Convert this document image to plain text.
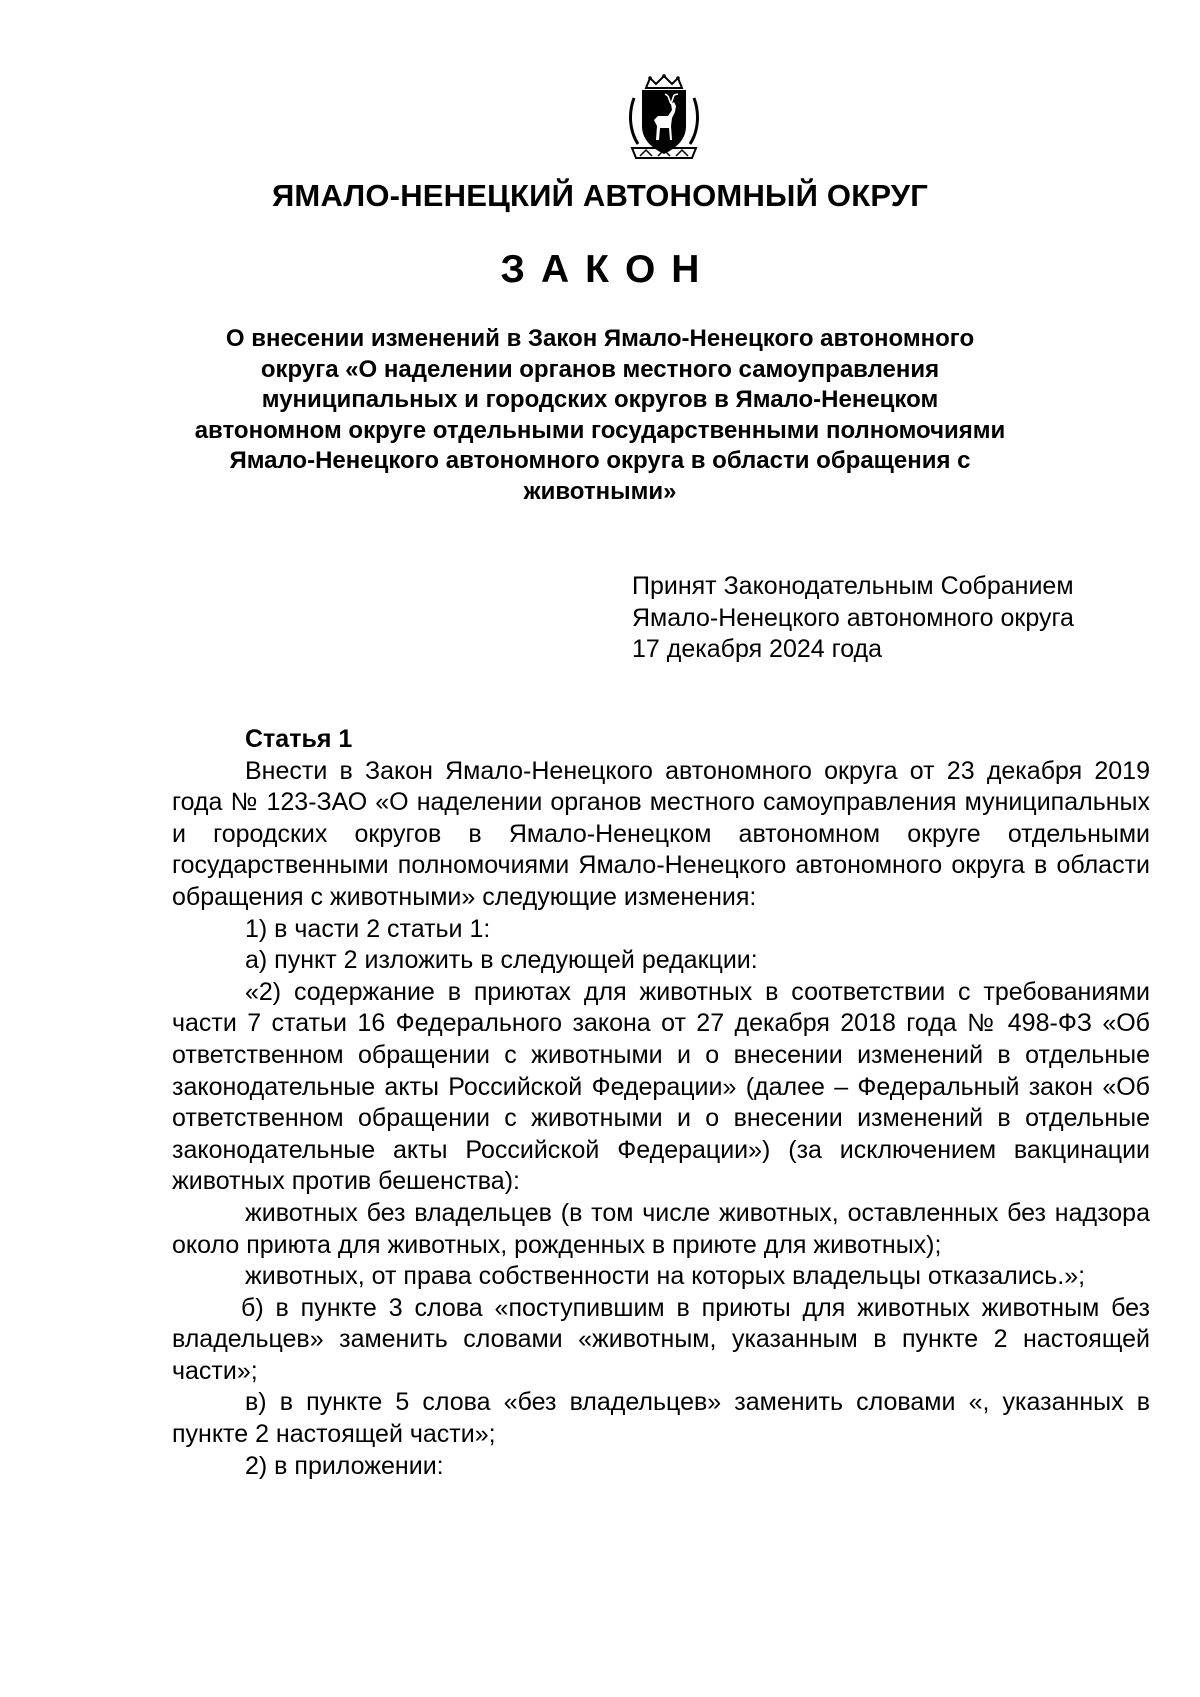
ЯМАЛО-НЕНЕЦКИЙ АВТОНОМНЫЙ ОКРУГ
ЗАКОН
О внесении изменений в Закон Ямало-Ненецкого автономного
округа «О наделении органов местного самоуправления
муниципальных и городских округов в Ямало-Ненецком
автономном округе отдельными государственными полномочиями
Ямало-Ненецкого автономного округа в области обращения с
животными»
Принят Законодательным Собранием
Ямало-Ненецкого автономного округа
17 декабря 2024 года

Статья 1

Внести в Закон Ямало-Ненецкого автономного округа от 23 декабря 2019 года № 123-ЗАО «О наделении органов местного самоуправления муниципальных и городских округов в Ямало-Ненецком автономном округе отдельными государственными полномочиями Ямало-Ненецкого автономного округа в области обращения с животными» следующие изменения:

1) в части 2 статьи 1:

а) пункт 2 изложить в следующей редакции:

«2) содержание в приютах для животных в соответствии с требованиями части 7 статьи 16 Федерального закона от 27 декабря 2018 года № 498-ФЗ «Об ответственном обращении с животными и о внесении изменений в отдельные законодательные акты Российской Федерации» (далее – Федеральный закон «Об ответственном обращении с животными и о внесении изменений в отдельные законодательные акты Российской Федерации») (за исключением вакцинации животных против бешенства):

животных без владельцев (в том числе животных, оставленных без надзора около приюта для животных, рожденных в приюте для животных);

животных, от права собственности на которых владельцы отказались.»;

б) в пункте 3 слова «поступившим в приюты для животных животным без владельцев» заменить словами «животным, указанным в пункте 2 настоящей части»;

в) в пункте 5 слова «без владельцев» заменить словами «, указанных в пункте 2 настоящей части»;

2) в приложении:
